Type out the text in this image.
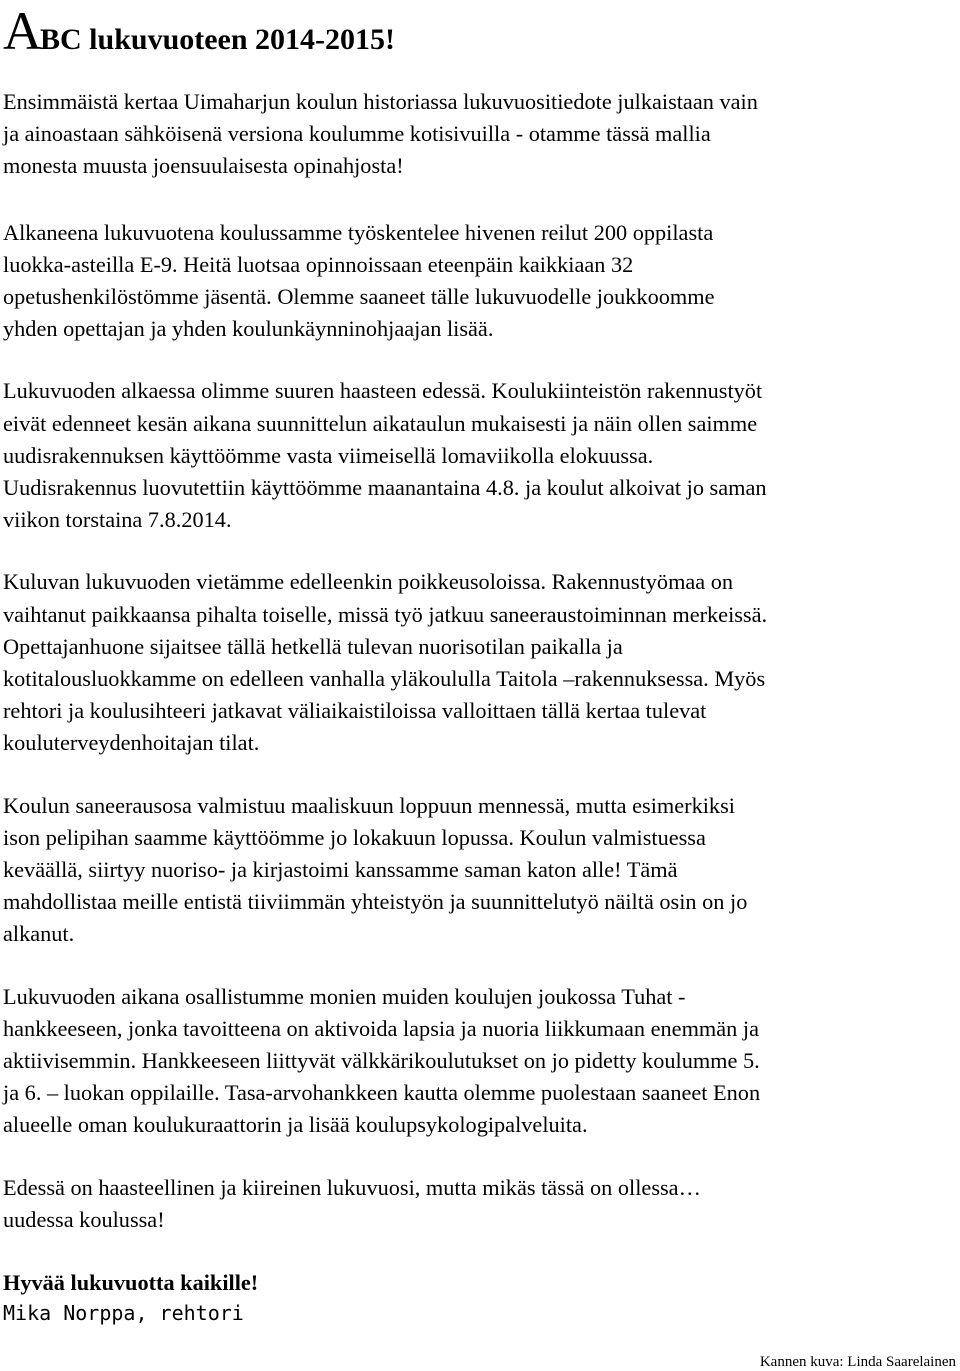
ABC lukuvuoteen 2014-2015!

Ensimmäistä kertaa Uimaharjun koulun historiassa lukuvuositiedote julkaistaan vain
ja ainoastaan sähköisenä versiona koulumme kotisivuilla - otamme tässä mallia
monesta muusta joensuulaisesta opinahjosta!

Alkaneena lukuvuotena koulussamme työskentelee hivenen reilut 200 oppilasta
luokka-asteilla E-9. Heitä luotsaa opinnoissaan eteenpäin kaikkiaan 32
opetushenkilöstömme jäsentä. Olemme saaneet tälle lukuvuodelle joukkoomme
yhden opettajan ja yhden koulunkäynninohjaajan lisää.

Lukuvuoden alkaessa olimme suuren haasteen edessä. Koulukiinteistön rakennustyöt
eivät edenneet kesän aikana suunnittelun aikataulun mukaisesti ja näin ollen saimme
uudisrakennuksen käyttöömme vasta viimeisellä lomaviikolla elokuussa.
Uudisrakennus luovutettiin käyttöömme maanantaina 4.8. ja koulut alkoivat jo saman
viikon torstaina 7.8.2014.

Kuluvan lukuvuoden vietämme edelleenkin poikkeusoloissa. Rakennustyömaa on
vaihtanut paikkaansa pihalta toiselle, missä työ jatkuu saneeraustoiminnan merkeissä.
Opettajanhuone sijaitsee tällä hetkellä tulevan nuorisotilan paikalla ja
kotitalousluokkamme on edelleen vanhalla yläkoululla Taitola –rakennuksessa. Myös
rehtori ja koulusihteeri jatkavat väliaikaistiloissa valloittaen tällä kertaa tulevat
kouluterveydenhoitajan tilat.

Koulun saneerausosa valmistuu maaliskuun loppuun mennessä, mutta esimerkiksi
ison pelipihan saamme käyttöömme jo lokakuun lopussa. Koulun valmistuessa
keväällä, siirtyy nuoriso- ja kirjastoimi kanssamme saman katon alle! Tämä
mahdollistaa meille entistä tiiviimmän yhteistyön ja suunnittelutyö näiltä osin on jo
alkanut.

Lukuvuoden aikana osallistumme monien muiden koulujen joukossa Tuhat -
hankkeeseen, jonka tavoitteena on aktivoida lapsia ja nuoria liikkumaan enemmän ja
aktiivisemmin. Hankkeeseen liittyvät välkkärikoulutukset on jo pidetty koulumme 5.
ja 6. – luokan oppilaille. Tasa-arvohankkeen kautta olemme puolestaan saaneet Enon
alueelle oman koulukuraattorin ja lisää koulupsykologipalveluita.

Edessä on haasteellinen ja kiireinen lukuvuosi, mutta mikäs tässä on ollessa…
uudessa koulussa!

Hyvää lukuvuotta kaikille!
Mika Norppa, rehtori

Kannen kuva: Linda Saarelainen
